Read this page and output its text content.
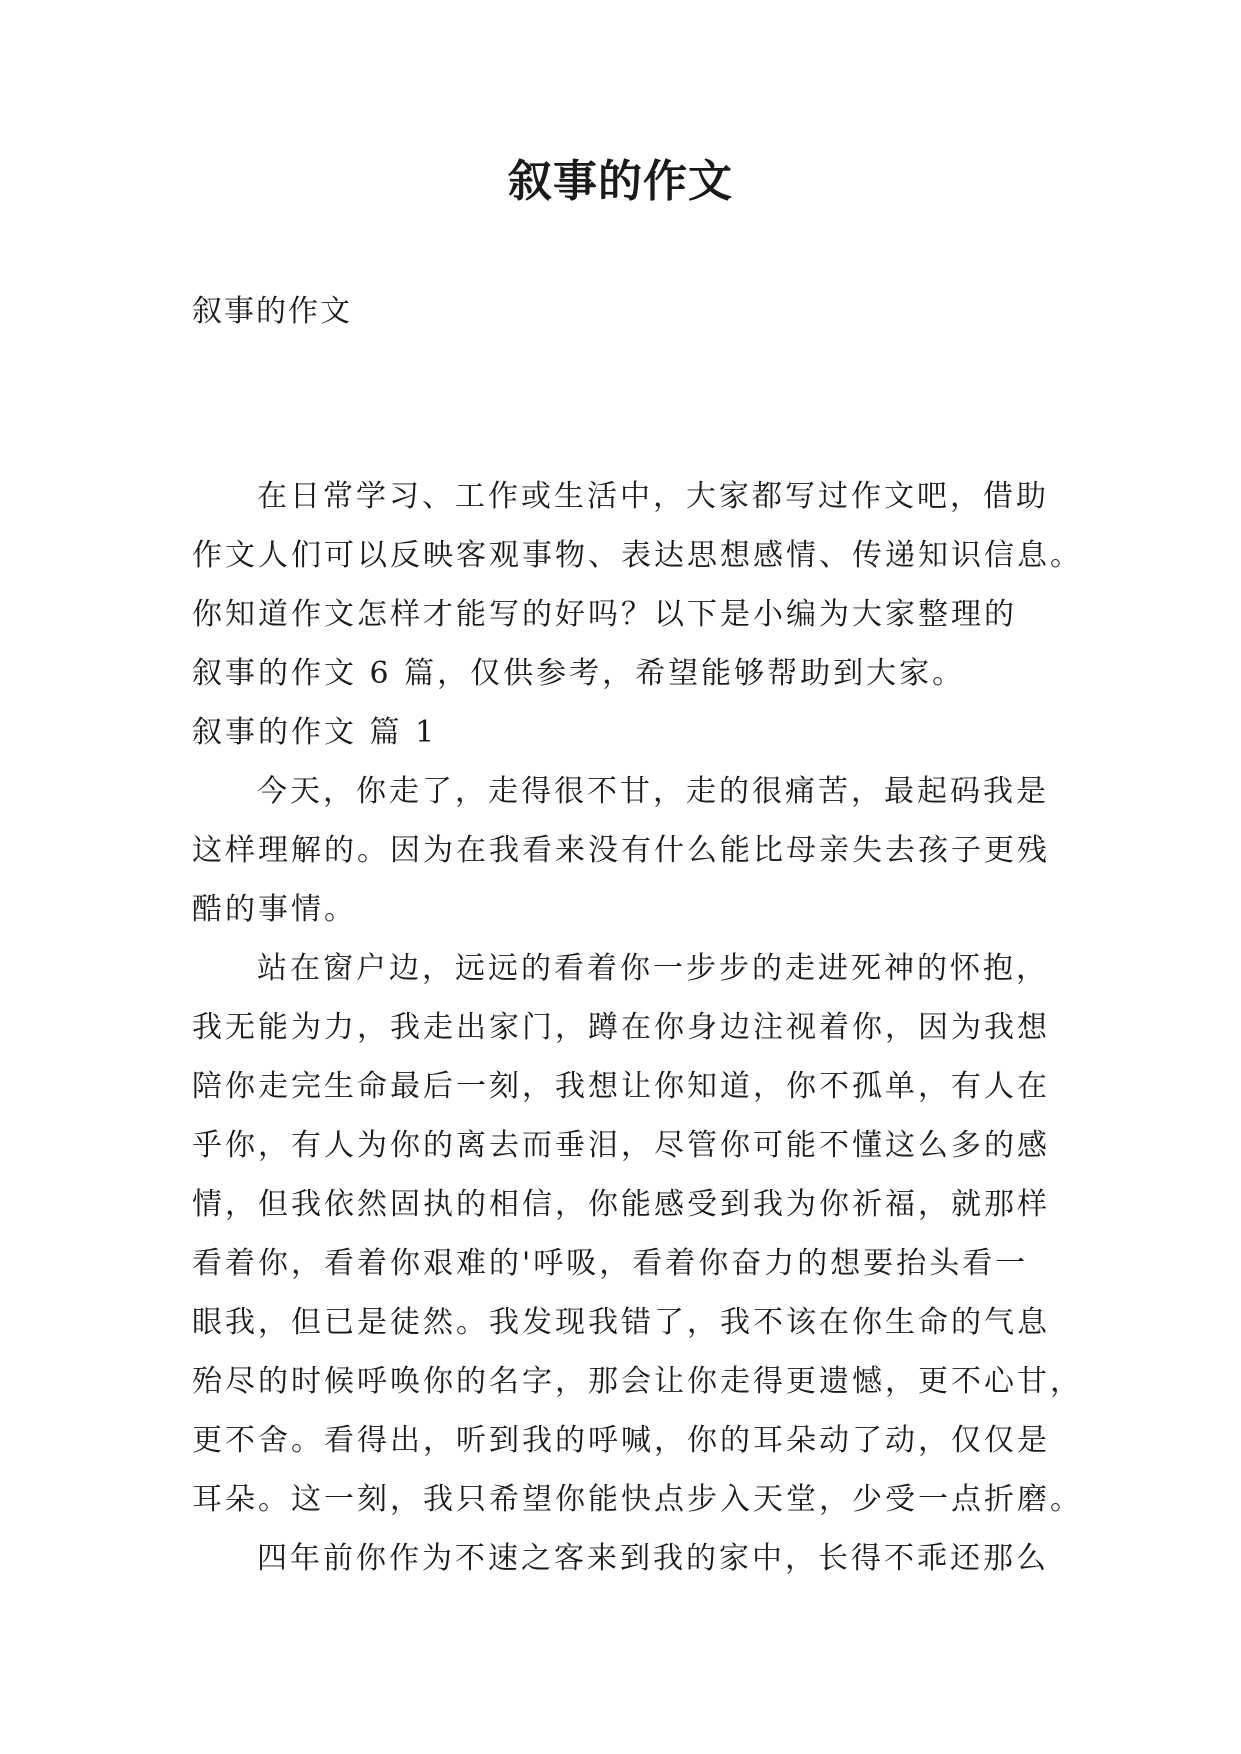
叙事的作文
叙事的作文
在日常学习、工作或生活中，大家都写过作文吧，借助
作文人们可以反映客观事物、表达思想感情、传递知识信息。
你知道作文怎样才能写的好吗？以下是小编为大家整理的
叙事的作文 6 篇，仅供参考，希望能够帮助到大家。
叙事的作文 篇 1
今天，你走了，走得很不甘，走的很痛苦，最起码我是
这样理解的。因为在我看来没有什么能比母亲失去孩子更残
酷的事情。
站在窗户边，远远的看着你一步步的走进死神的怀抱，
我无能为力，我走出家门，蹲在你身边注视着你，因为我想
陪你走完生命最后一刻，我想让你知道，你不孤单，有人在
乎你，有人为你的离去而垂泪，尽管你可能不懂这么多的感
情，但我依然固执的相信，你能感受到我为你祈福，就那样
看着你，看着你艰难的'呼吸，看着你奋力的想要抬头看一
眼我，但已是徒然。我发现我错了，我不该在你生命的气息
殆尽的时候呼唤你的名字，那会让你走得更遗憾，更不心甘，
更不舍。看得出，听到我的呼喊，你的耳朵动了动，仅仅是
耳朵。这一刻，我只希望你能快点步入天堂，少受一点折磨。
四年前你作为不速之客来到我的家中，长得不乖还那么
